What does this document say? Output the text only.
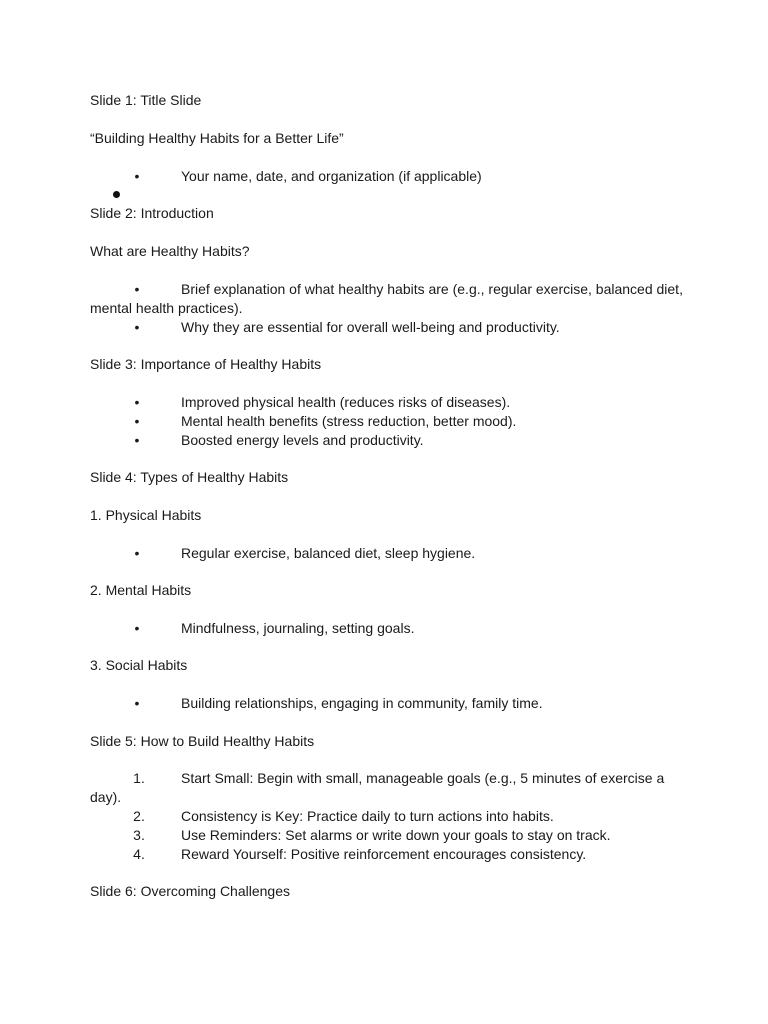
Slide 1: Title Slide
“Building Healthy Habits for a Better Life”
•	Your name, date, and organization (if applicable)
Slide 2: Introduction
What are Healthy Habits?
•	Brief explanation of what healthy habits are (e.g., regular exercise, balanced diet, mental health practices).
•	Why they are essential for overall well-being and productivity.
Slide 3: Importance of Healthy Habits
•	Improved physical health (reduces risks of diseases).
•	Mental health benefits (stress reduction, better mood).
•	Boosted energy levels and productivity.
Slide 4: Types of Healthy Habits
1. Physical Habits
•	Regular exercise, balanced diet, sleep hygiene.
2. Mental Habits
•	Mindfulness, journaling, setting goals.
3. Social Habits
•	Building relationships, engaging in community, family time.
Slide 5: How to Build Healthy Habits
1.	Start Small: Begin with small, manageable goals (e.g., 5 minutes of exercise a day).
2.	Consistency is Key: Practice daily to turn actions into habits.
3.	Use Reminders: Set alarms or write down your goals to stay on track.
4.	Reward Yourself: Positive reinforcement encourages consistency.
Slide 6: Overcoming Challenges
